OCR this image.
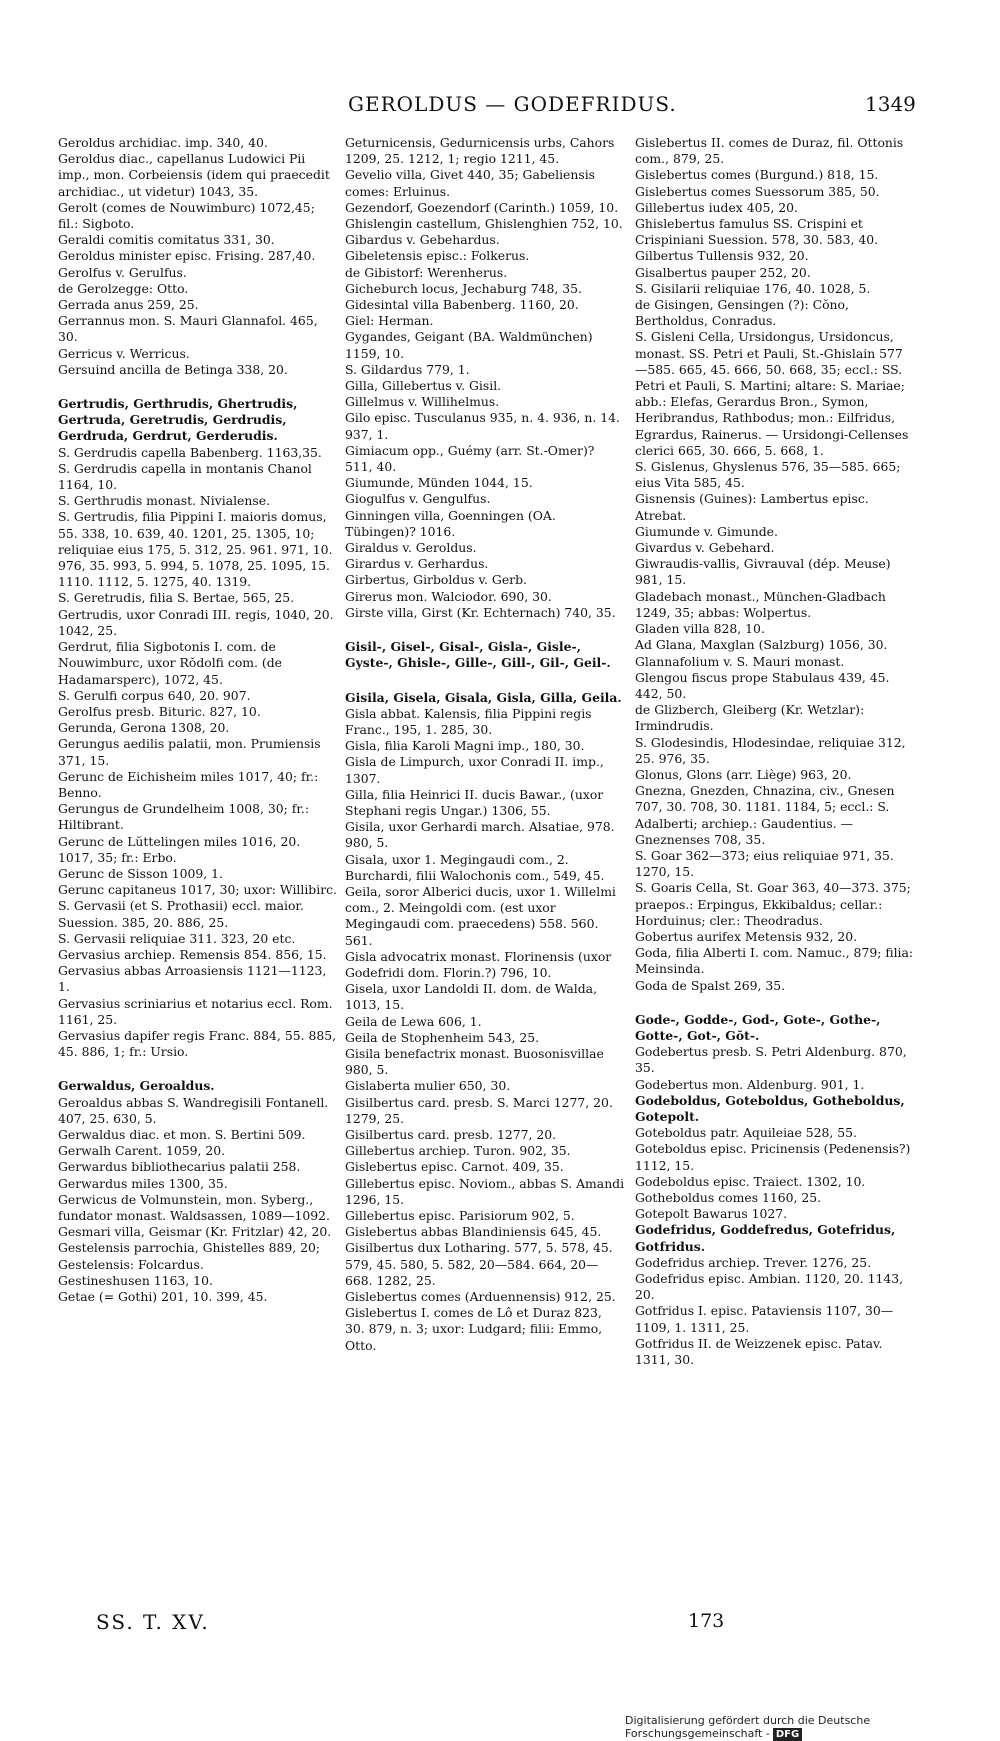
GEROLDUS — GODEFRIDUS.	1349
Geroldus archidiac. imp. 340, 40.
Geroldus diac., capellanus Ludowici Pii imp., mon. Corbeiensis (idem qui praecedit archidiac., ut videtur) 1043, 35.
Gerolt (comes de Nouwimburc) 1072,45; fil.: Sigboto.
Geraldi comitis comitatus 331, 30.
Geroldus minister episc. Frising. 287,40.
Gerolfus v. Gerulfus.
de Gerolzegge: Otto.
Gerrada anus 259, 25.
Gerrannus mon. S. Mauri Glannafol. 465, 30.
Gerricus v. Werricus.
Gersuind ancilla de Betinga 338, 20.
Gertrudis, Gerthrudis, Ghertrudis, Gertruda, Geretrudis, Gerdrudis, Gerdruda, Gerdrut, Gerderudis.
S. Gerdrudis capella Babenberg. 1163,35.
S. Gerdrudis capella in montanis Chanol 1164, 10.
S. Gerthrudis monast. Nivialense.
S. Gertrudis, filia Pippini I. maioris domus, 55. 338, 10. 639, 40. 1201, 25. 1305, 10; reliquiae eius 175, 5. 312, 25. 961. 971, 10. 976, 35. 993, 5. 994, 5. 1078, 25. 1095, 15. 1110. 1112, 5. 1275, 40. 1319.
S. Geretrudis, filia S. Bertae, 565, 25.
Gertrudis, uxor Conradi III. regis, 1040, 20. 1042, 25.
Gerdrut, filia Sigbotonis I. com. de Nouwimburc, uxor Rŏdolfi com. (de Hadamarsperc), 1072, 45.
S. Gerulfi corpus 640, 20. 907.
Gerolfus presb. Bituric. 827, 10.
Gerunda, Gerona 1308, 20.
Gerungus aedilis palatii, mon. Prumiensis 371, 15.
Gerunc de Eichisheim miles 1017, 40; fr.: Benno.
Gerungus de Grundelheim 1008, 30; fr.: Hiltibrant.
Gerunc de Lŭttelingen miles 1016, 20. 1017, 35; fr.: Erbo.
Gerunc de Sisson 1009, 1.
Gerunc capitaneus 1017, 30; uxor: Willibirc.
S. Gervasii (et S. Prothasii) eccl. maior. Suession. 385, 20. 886, 25.
S. Gervasii reliquiae 311. 323, 20 etc.
Gervasius archiep. Remensis 854. 856, 15.
Gervasius abbas Arroasiensis 1121—1123, 1.
Gervasius scriniarius et notarius eccl. Rom. 1161, 25.
Gervasius dapifer regis Franc. 884, 55. 885, 45. 886, 1; fr.: Ursio.
Gerwaldus, Geroaldus.
Geroaldus abbas S. Wandregisili Fontanell. 407, 25. 630, 5.
Gerwaldus diac. et mon. S. Bertini 509.
Gerwalh Carent. 1059, 20.
Gerwardus bibliothecarius palatii 258.
Gerwardus miles 1300, 35.
Gerwicus de Volmunstein, mon. Syberg., fundator monast. Waldsassen, 1089—1092.
Gesmari villa, Geismar (Kr. Fritzlar) 42, 20.
Gestelensis parrochia, Ghistelles 889, 20; Gestelensis: Folcardus.
Gestineshusen 1163, 10.
Getae (= Gothi) 201, 10. 399, 45.
Geturnicensis, Gedurnicensis urbs, Cahors 1209, 25. 1212, 1; regio 1211, 45.
Gevelio villa, Givet 440, 35; Gabeliensis comes: Erluinus.
Gezendorf, Goezendorf (Carinth.) 1059, 10.
Ghislengin castellum, Ghislenghien 752, 10.
Gibardus v. Gebehardus.
Gibeletensis episc.: Folkerus.
de Gibistorf: Werenherus.
Gicheburch locus, Jechaburg 748, 35.
Gidesintal villa Babenberg. 1160, 20.
Giel: Herman.
Gygandes, Geigant (BA. Waldmünchen) 1159, 10.
S. Gildardus 779, 1.
Gilla, Gillebertus v. Gisil.
Gillelmus v. Willihelmus.
Gilo episc. Tusculanus 935, n. 4. 936, n. 14. 937, 1.
Gimiacum opp., Guémy (arr. St.-Omer)? 511, 40.
Giumunde, Münden 1044, 15.
Giogulfus v. Gengulfus.
Ginningen villa, Goenningen (OA. Tübingen)? 1016.
Giraldus v. Geroldus.
Girardus v. Gerhardus.
Girbertus, Girboldus v. Gerb.
Girerus mon. Walciodor. 690, 30.
Girste villa, Girst (Kr. Echternach) 740, 35.
Gisil-, Gisel-, Gisal-, Gisla-, Gisle-, Gyste-, Ghisle-, Gille-, Gill-, Gil-, Geil-.
Gisila, Gisela, Gisala, Gisla, Gilla, Geila.
Gisla abbat. Kalensis, filia Pippini regis Franc., 195, 1. 285, 30.
Gisla, filia Karoli Magni imp., 180, 30.
Gisla de Limpurch, uxor Conradi II. imp., 1307.
Gilla, filia Heinrici II. ducis Bawar., (uxor Stephani regis Ungar.) 1306, 55.
Gisila, uxor Gerhardi march. Alsatiae, 978. 980, 5.
Gisala, uxor 1. Megingaudi com., 2. Burchardi, filii Walochonis com., 549, 45.
Geila, soror Alberici ducis, uxor 1. Willelmi com., 2. Meingoldi com. (est uxor Megingaudi com. praecedens) 558. 560. 561.
Gisla advocatrix monast. Florinensis (uxor Godefridi dom. Florin.?) 796, 10.
Gisela, uxor Landoldi II. dom. de Walda, 1013, 15.
Geila de Lewa 606, 1.
Geila de Stophenheim 543, 25.
Gisila benefactrix monast. Buosonisvillae 980, 5.
Gislaberta mulier 650, 30.
Gisilbertus card. presb. S. Marci 1277, 20. 1279, 25.
Gisilbertus card. presb. 1277, 20.
Gillebertus archiep. Turon. 902, 35.
Gislebertus episc. Carnot. 409, 35.
Gillebertus episc. Noviom., abbas S. Amandi 1296, 15.
Gillebertus episc. Parisiorum 902, 5.
Gislebertus abbas Blandiniensis 645, 45.
Gisilbertus dux Lotharing. 577, 5. 578, 45. 579, 45. 580, 5. 582, 20—584. 664, 20—668. 1282, 25.
Gislebertus comes (Arduennensis) 912, 25.
Gislebertus I. comes de Lô et Duraz 823, 30. 879, n. 3; uxor: Ludgard; filii: Emmo, Otto.
Gislebertus II. comes de Duraz, fil. Ottonis com., 879, 25.
Gislebertus comes (Burgund.) 818, 15.
Gislebertus comes Suessorum 385, 50.
Gillebertus iudex 405, 20.
Ghislebertus famulus SS. Crispini et Crispiniani Suession. 578, 30. 583, 40.
Gilbertus Tullensis 932, 20.
Gisalbertus pauper 252, 20.
S. Gisilarii reliquiae 176, 40. 1028, 5.
de Gisingen, Gensingen (?): Cŏno, Bertholdus, Conradus.
S. Gisleni Cella, Ursidongus, Ursidoncus, monast. SS. Petri et Pauli, St.-Ghislain 577—585. 665, 45. 666, 50. 668, 35; eccl.: SS. Petri et Pauli, S. Martini; altare: S. Mariae; abb.: Elefas, Gerardus Bron., Symon, Heribrandus, Rathbodus; mon.: Eilfridus, Egrardus, Rainerus. — Ursidongi-Cellenses clerici 665, 30. 666, 5. 668, 1.
S. Gislenus, Ghyslenus 576, 35—585. 665; eius Vita 585, 45.
Gisnensis (Guines): Lambertus episc. Atrebat.
Giumunde v. Gimunde.
Givardus v. Gebehard.
Giwraudis-vallis, Givrauval (dép. Meuse) 981, 15.
Gladebach monast., München-Gladbach 1249, 35; abbas: Wolpertus.
Gladen villa 828, 10.
Ad Glana, Maxglan (Salzburg) 1056, 30.
Glannafolium v. S. Mauri monast.
Glengou fiscus prope Stabulaus 439, 45. 442, 50.
de Glizberch, Gleiberg (Kr. Wetzlar): Irmindrudis.
S. Glodesindis, Hlodesindae, reliquiae 312, 25. 976, 35.
Glonus, Glons (arr. Liège) 963, 20.
Gnezna, Gnezden, Chnazina, civ., Gnesen 707, 30. 708, 30. 1181. 1184, 5; eccl.: S. Adalberti; archiep.: Gaudentius. — Gneznenses 708, 35.
S. Goar 362—373; eius reliquiae 971, 35. 1270, 15.
S. Goaris Cella, St. Goar 363, 40—373. 375; praepos.: Erpingus, Ekkibaldus; cellar.: Horduinus; cler.: Theodradus.
Gobertus aurifex Metensis 932, 20.
Goda, filia Alberti I. com. Namuc., 879; filia: Meinsinda.
Goda de Spalst 269, 35.
Gode-, Godde-, God-, Gote-, Gothe-, Gotte-, Got-, Gŏt-.
Godebertus presb. S. Petri Aldenburg. 870, 35.
Godebertus mon. Aldenburg. 901, 1.
Godeboldus, Goteboldus, Gotheboldus, Gotepolt.
Goteboldus patr. Aquileiae 528, 55.
Goteboldus episc. Pricinensis (Pedenensis?) 1112, 15.
Godeboldus episc. Traiect. 1302, 10.
Gotheboldus comes 1160, 25.
Gotepolt Bawarus 1027.
Godefridus, Goddefredus, Gotefridus, Gotfridus.
Godefridus archiep. Trever. 1276, 25.
Godefridus episc. Ambian. 1120, 20. 1143, 20.
Gotfridus I. episc. Pataviensis 1107, 30—1109, 1. 1311, 25.
Gotfridus II. de Weizzenek episc. Patav. 1311, 30.
SS. T. XV.	173
Digitalisierung gefördert durch die Deutsche Forschungsgemeinschaft - DFG
